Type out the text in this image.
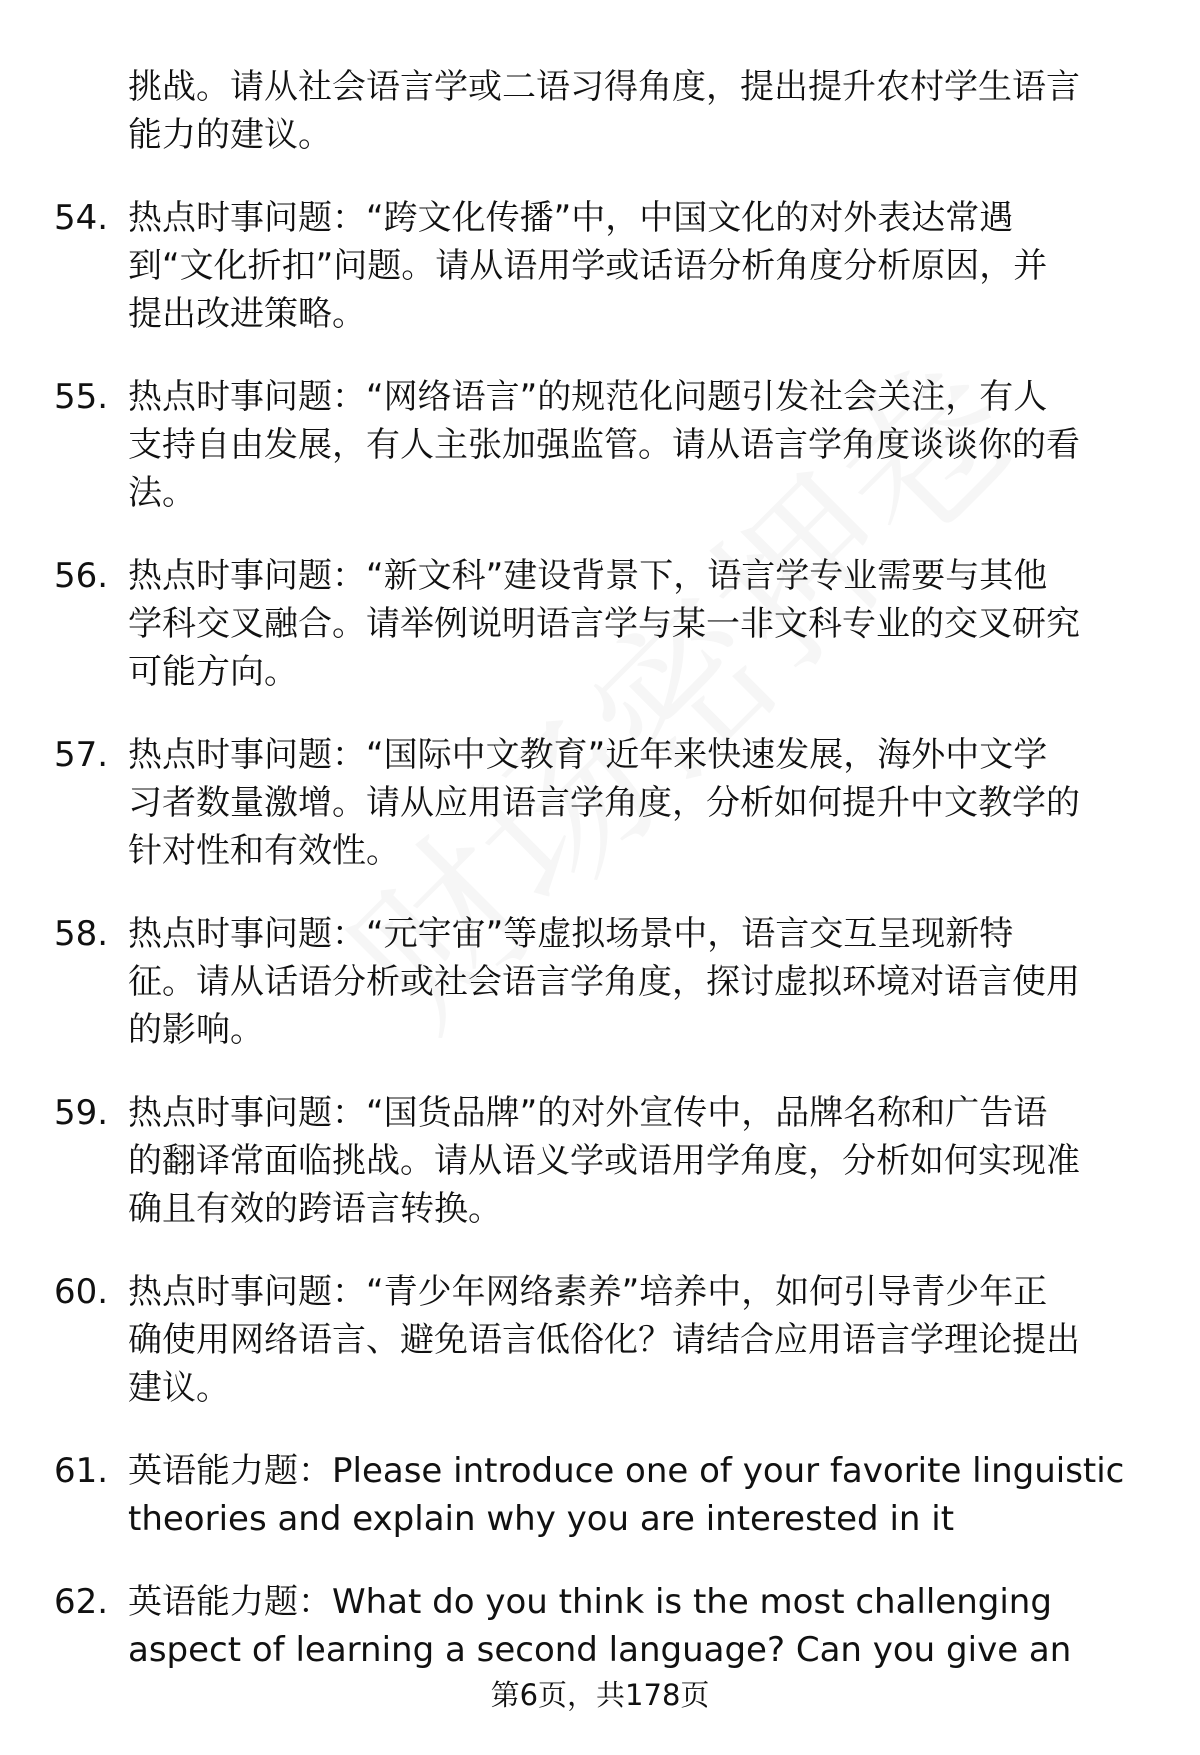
挑战。请从社会语言学或二语习得角度，提出提升农村学生语言
能力的建议。
54. 热点时事问题：“跨文化传播”中，中国文化的对外表达常遇
到“文化折扣”问题。请从语用学或话语分析角度分析原因，并
提出改进策略。
55. 热点时事问题：“网络语言”的规范化问题引发社会关注，有人
支持自由发展，有人主张加强监管。请从语言学角度谈谈你的看
法。
56. 热点时事问题：“新文科”建设背景下，语言学专业需要与其他
学科交叉融合。请举例说明语言学与某一非文科专业的交叉研究
可能方向。
57. 热点时事问题：“国际中文教育”近年来快速发展，海外中文学
习者数量激增。请从应用语言学角度，分析如何提升中文教学的
针对性和有效性。
58. 热点时事问题：“元宇宙”等虚拟场景中，语言交互呈现新特
征。请从话语分析或社会语言学角度，探讨虚拟环境对语言使用
的影响。
59. 热点时事问题：“国货品牌”的对外宣传中，品牌名称和广告语
的翻译常面临挑战。请从语义学或语用学角度，分析如何实现准
确且有效的跨语言转换。
60. 热点时事问题：“青少年网络素养”培养中，如何引导青少年正
确使用网络语言、避免语言低俗化？请结合应用语言学理论提出
建议。
61. 英语能力题：Please introduce one of your favorite linguistic
theories and explain why you are interested in it
62. 英语能力题：What do you think is the most challenging
aspect of learning a second language? Can you give an
第6页，共178页
